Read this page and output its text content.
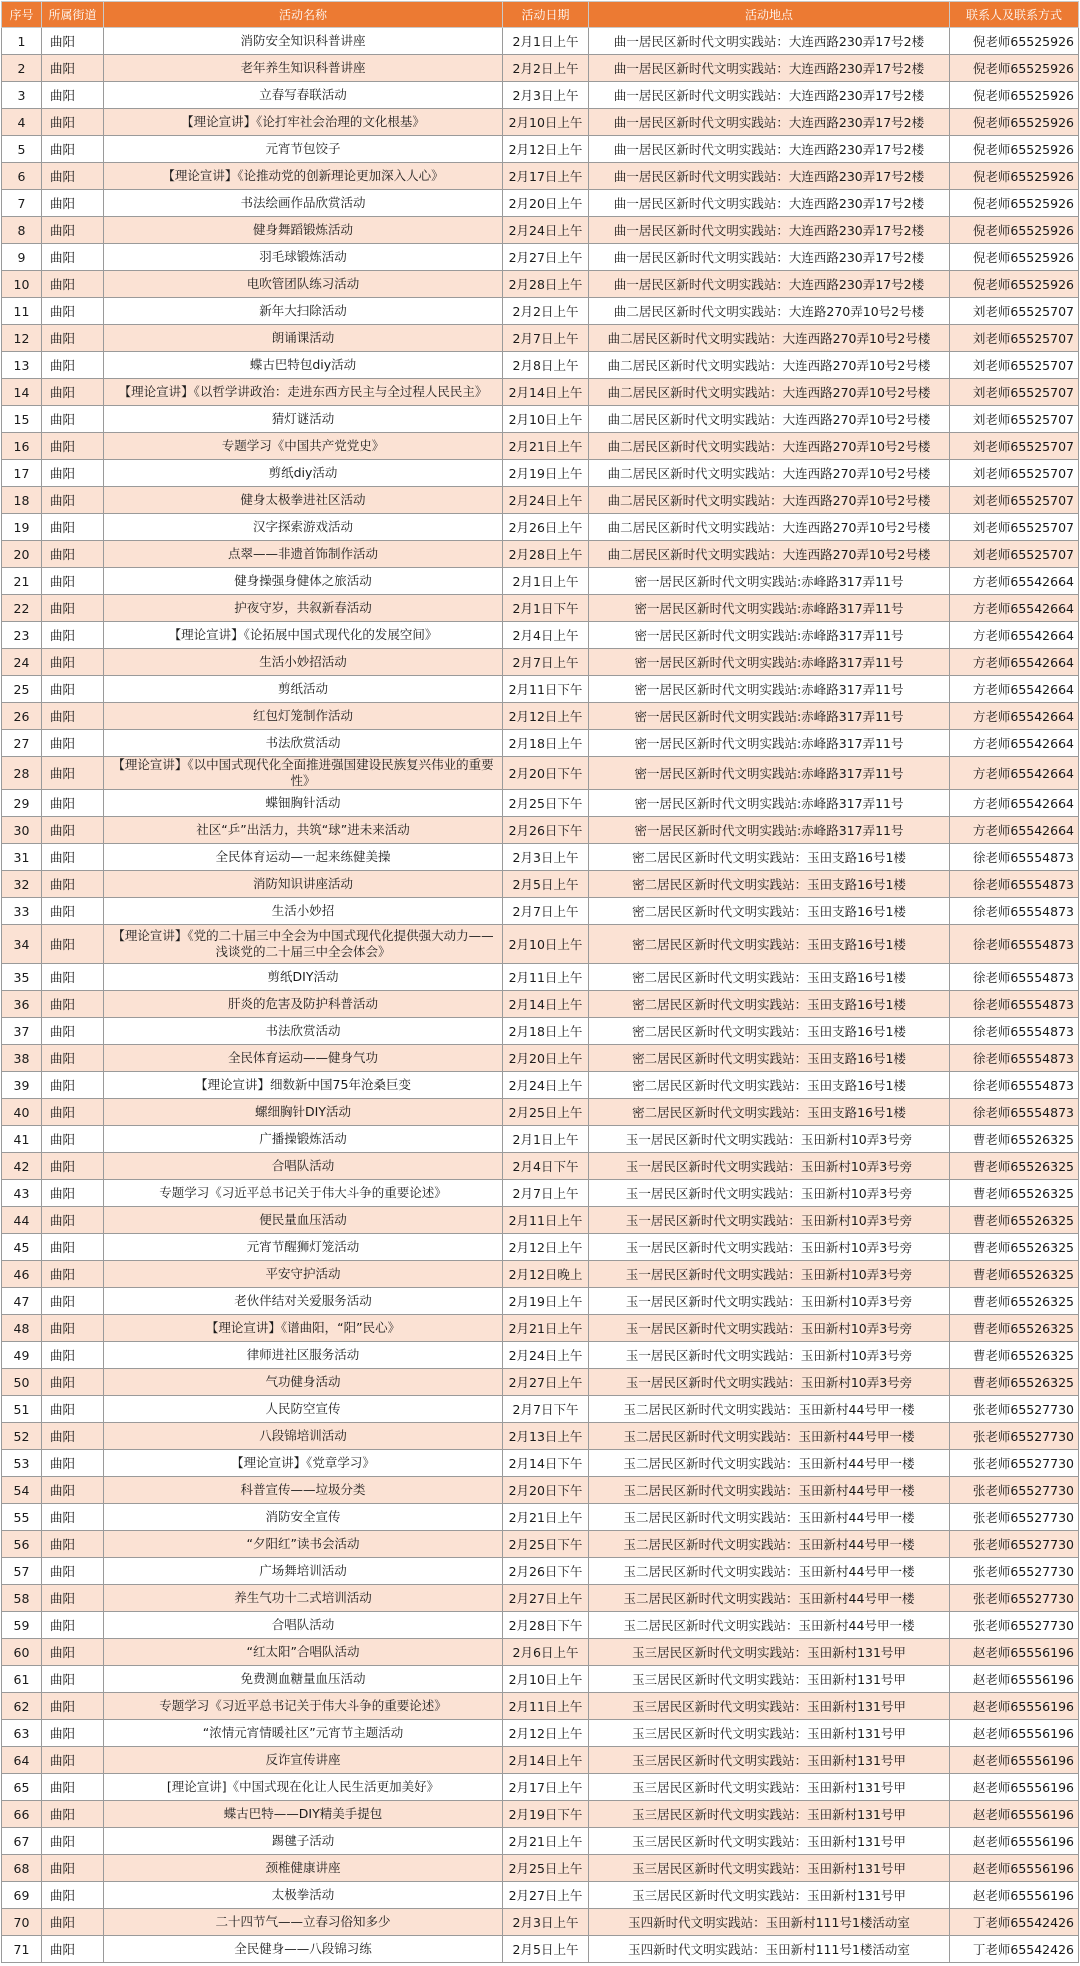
序号	所属街道	活动名称	活动日期	活动地点	联系人及联系方式
1	曲阳	消防安全知识科普讲座	2月1日上午	曲一居民区新时代文明实践站：大连西路230弄17号2楼	倪老师65525926
2	曲阳	老年养生知识科普讲座	2月2日上午	曲一居民区新时代文明实践站：大连西路230弄17号2楼	倪老师65525926
3	曲阳	立春写春联活动	2月3日上午	曲一居民区新时代文明实践站：大连西路230弄17号2楼	倪老师65525926
4	曲阳	【理论宣讲】《论打牢社会治理的文化根基》	2月10日上午	曲一居民区新时代文明实践站：大连西路230弄17号2楼	倪老师65525926
5	曲阳	元宵节包饺子	2月12日上午	曲一居民区新时代文明实践站：大连西路230弄17号2楼	倪老师65525926
6	曲阳	【理论宣讲】《论推动党的创新理论更加深入人心》	2月17日上午	曲一居民区新时代文明实践站：大连西路230弄17号2楼	倪老师65525926
7	曲阳	书法绘画作品欣赏活动	2月20日上午	曲一居民区新时代文明实践站：大连西路230弄17号2楼	倪老师65525926
8	曲阳	健身舞蹈锻炼活动	2月24日上午	曲一居民区新时代文明实践站：大连西路230弄17号2楼	倪老师65525926
9	曲阳	羽毛球锻炼活动	2月27日上午	曲一居民区新时代文明实践站：大连西路230弄17号2楼	倪老师65525926
10	曲阳	电吹管团队练习活动	2月28日上午	曲一居民区新时代文明实践站：大连西路230弄17号2楼	倪老师65525926
11	曲阳	新年大扫除活动	2月2日上午	曲二居民区新时代文明实践站：大连路270弄10号2号楼	刘老师65525707
12	曲阳	朗诵课活动	2月7日上午	曲二居民区新时代文明实践站：大连西路270弄10号2号楼	刘老师65525707
13	曲阳	蝶古巴特包diy活动	2月8日上午	曲二居民区新时代文明实践站：大连西路270弄10号2号楼	刘老师65525707
14	曲阳	【理论宣讲】《以哲学讲政治：走进东西方民主与全过程人民民主》	2月14日上午	曲二居民区新时代文明实践站：大连西路270弄10号2号楼	刘老师65525707
15	曲阳	猜灯谜活动	2月10日上午	曲二居民区新时代文明实践站：大连西路270弄10号2号楼	刘老师65525707
16	曲阳	专题学习《中国共产党党史》	2月21日上午	曲二居民区新时代文明实践站：大连西路270弄10号2号楼	刘老师65525707
17	曲阳	剪纸diy活动	2月19日上午	曲二居民区新时代文明实践站：大连西路270弄10号2号楼	刘老师65525707
18	曲阳	健身太极拳进社区活动	2月24日上午	曲二居民区新时代文明实践站：大连西路270弄10号2号楼	刘老师65525707
19	曲阳	汉字探索游戏活动	2月26日上午	曲二居民区新时代文明实践站：大连西路270弄10号2号楼	刘老师65525707
20	曲阳	点翠——非遗首饰制作活动	2月28日上午	曲二居民区新时代文明实践站：大连西路270弄10号2号楼	刘老师65525707
21	曲阳	健身操强身健体之旅活动	2月1日上午	密一居民区新时代文明实践站:赤峰路317弄11号	方老师65542664
22	曲阳	护夜守岁，共叙新春活动	2月1日下午	密一居民区新时代文明实践站:赤峰路317弄11号	方老师65542664
23	曲阳	【理论宣讲】《论拓展中国式现代化的发展空间》	2月4日上午	密一居民区新时代文明实践站:赤峰路317弄11号	方老师65542664
24	曲阳	生活小妙招活动	2月7日上午	密一居民区新时代文明实践站:赤峰路317弄11号	方老师65542664
25	曲阳	剪纸活动	2月11日下午	密一居民区新时代文明实践站:赤峰路317弄11号	方老师65542664
26	曲阳	红包灯笼制作活动	2月12日上午	密一居民区新时代文明实践站:赤峰路317弄11号	方老师65542664
27	曲阳	书法欣赏活动	2月18日上午	密一居民区新时代文明实践站:赤峰路317弄11号	方老师65542664
28	曲阳	【理论宣讲】《以中国式现代化全面推进强国建设民族复兴伟业的重要性》	2月20日下午	密一居民区新时代文明实践站:赤峰路317弄11号	方老师65542664
29	曲阳	蝶钿胸针活动	2月25日下午	密一居民区新时代文明实践站:赤峰路317弄11号	方老师65542664
30	曲阳	社区“乒”出活力，共筑“球”进未来活动	2月26日下午	密一居民区新时代文明实践站:赤峰路317弄11号	方老师65542664
31	曲阳	全民体育运动—一起来练健美操	2月3日上午	密二居民区新时代文明实践站：玉田支路16号1楼	徐老师65554873
32	曲阳	消防知识讲座活动	2月5日上午	密二居民区新时代文明实践站：玉田支路16号1楼	徐老师65554873
33	曲阳	生活小妙招	2月7日上午	密二居民区新时代文明实践站：玉田支路16号1楼	徐老师65554873
34	曲阳	【理论宣讲】《党的二十届三中全会为中国式现代化提供强大动力——浅谈党的二十届三中全会体会》	2月10日上午	密二居民区新时代文明实践站：玉田支路16号1楼	徐老师65554873
35	曲阳	剪纸DIY活动	2月11日上午	密二居民区新时代文明实践站：玉田支路16号1楼	徐老师65554873
36	曲阳	肝炎的危害及防护科普活动	2月14日上午	密二居民区新时代文明实践站：玉田支路16号1楼	徐老师65554873
37	曲阳	书法欣赏活动	2月18日上午	密二居民区新时代文明实践站：玉田支路16号1楼	徐老师65554873
38	曲阳	全民体育运动——健身气功	2月20日上午	密二居民区新时代文明实践站：玉田支路16号1楼	徐老师65554873
39	曲阳	【理论宣讲】细数新中国75年沧桑巨变	2月24日上午	密二居民区新时代文明实践站：玉田支路16号1楼	徐老师65554873
40	曲阳	螺细胸针DIY活动	2月25日上午	密二居民区新时代文明实践站：玉田支路16号1楼	徐老师65554873
41	曲阳	广播操锻炼活动	2月1日上午	玉一居民区新时代文明实践站：玉田新村10弄3号旁	曹老师65526325
42	曲阳	合唱队活动	2月4日下午	玉一居民区新时代文明实践站：玉田新村10弄3号旁	曹老师65526325
43	曲阳	专题学习《习近平总书记关于伟大斗争的重要论述》	2月7日上午	玉一居民区新时代文明实践站：玉田新村10弄3号旁	曹老师65526325
44	曲阳	便民量血压活动	2月11日上午	玉一居民区新时代文明实践站：玉田新村10弄3号旁	曹老师65526325
45	曲阳	元宵节醒狮灯笼活动	2月12日上午	玉一居民区新时代文明实践站：玉田新村10弄3号旁	曹老师65526325
46	曲阳	平安守护活动	2月12日晚上	玉一居民区新时代文明实践站：玉田新村10弄3号旁	曹老师65526325
47	曲阳	老伙伴结对关爱服务活动	2月19日上午	玉一居民区新时代文明实践站：玉田新村10弄3号旁	曹老师65526325
48	曲阳	【理论宣讲】《谱曲阳，“阳”民心》	2月21日上午	玉一居民区新时代文明实践站：玉田新村10弄3号旁	曹老师65526325
49	曲阳	律师进社区服务活动	2月24日上午	玉一居民区新时代文明实践站：玉田新村10弄3号旁	曹老师65526325
50	曲阳	气功健身活动	2月27日上午	玉一居民区新时代文明实践站：玉田新村10弄3号旁	曹老师65526325
51	曲阳	人民防空宣传	2月7日下午	玉二居民区新时代文明实践站：玉田新村44号甲一楼	张老师65527730
52	曲阳	八段锦培训活动	2月13日上午	玉二居民区新时代文明实践站：玉田新村44号甲一楼	张老师65527730
53	曲阳	【理论宣讲】《党章学习》	2月14日下午	玉二居民区新时代文明实践站：玉田新村44号甲一楼	张老师65527730
54	曲阳	科普宣传——垃圾分类	2月20日下午	玉二居民区新时代文明实践站：玉田新村44号甲一楼	张老师65527730
55	曲阳	消防安全宣传	2月21日上午	玉二居民区新时代文明实践站：玉田新村44号甲一楼	张老师65527730
56	曲阳	“夕阳红”读书会活动	2月25日下午	玉二居民区新时代文明实践站：玉田新村44号甲一楼	张老师65527730
57	曲阳	广场舞培训活动	2月26日下午	玉二居民区新时代文明实践站：玉田新村44号甲一楼	张老师65527730
58	曲阳	养生气功十二式培训活动	2月27日上午	玉二居民区新时代文明实践站：玉田新村44号甲一楼	张老师65527730
59	曲阳	合唱队活动	2月28日下午	玉二居民区新时代文明实践站：玉田新村44号甲一楼	张老师65527730
60	曲阳	“红太阳”合唱队活动	2月6日上午	玉三居民区新时代文明实践站：玉田新村131号甲	赵老师65556196
61	曲阳	免费测血糖量血压活动	2月10日上午	玉三居民区新时代文明实践站：玉田新村131号甲	赵老师65556196
62	曲阳	专题学习《习近平总书记关于伟大斗争的重要论述》	2月11日上午	玉三居民区新时代文明实践站：玉田新村131号甲	赵老师65556196
63	曲阳	“浓情元宵情暖社区”元宵节主题活动	2月12日上午	玉三居民区新时代文明实践站：玉田新村131号甲	赵老师65556196
64	曲阳	反诈宣传讲座	2月14日上午	玉三居民区新时代文明实践站：玉田新村131号甲	赵老师65556196
65	曲阳	[理论宣讲]《中国式现在化让人民生活更加美好》	2月17日上午	玉三居民区新时代文明实践站：玉田新村131号甲	赵老师65556196
66	曲阳	蝶古巴特——DIY精美手提包	2月19日下午	玉三居民区新时代文明实践站：玉田新村131号甲	赵老师65556196
67	曲阳	踢毽子活动	2月21日上午	玉三居民区新时代文明实践站：玉田新村131号甲	赵老师65556196
68	曲阳	颈椎健康讲座	2月25日上午	玉三居民区新时代文明实践站：玉田新村131号甲	赵老师65556196
69	曲阳	太极拳活动	2月27日上午	玉三居民区新时代文明实践站：玉田新村131号甲	赵老师65556196
70	曲阳	二十四节气——立春习俗知多少	2月3日上午	玉四新时代文明实践站：玉田新村111号1楼活动室	丁老师65542426
71	曲阳	全民健身——八段锦习练	2月5日上午	玉四新时代文明实践站：玉田新村111号1楼活动室	丁老师65542426
